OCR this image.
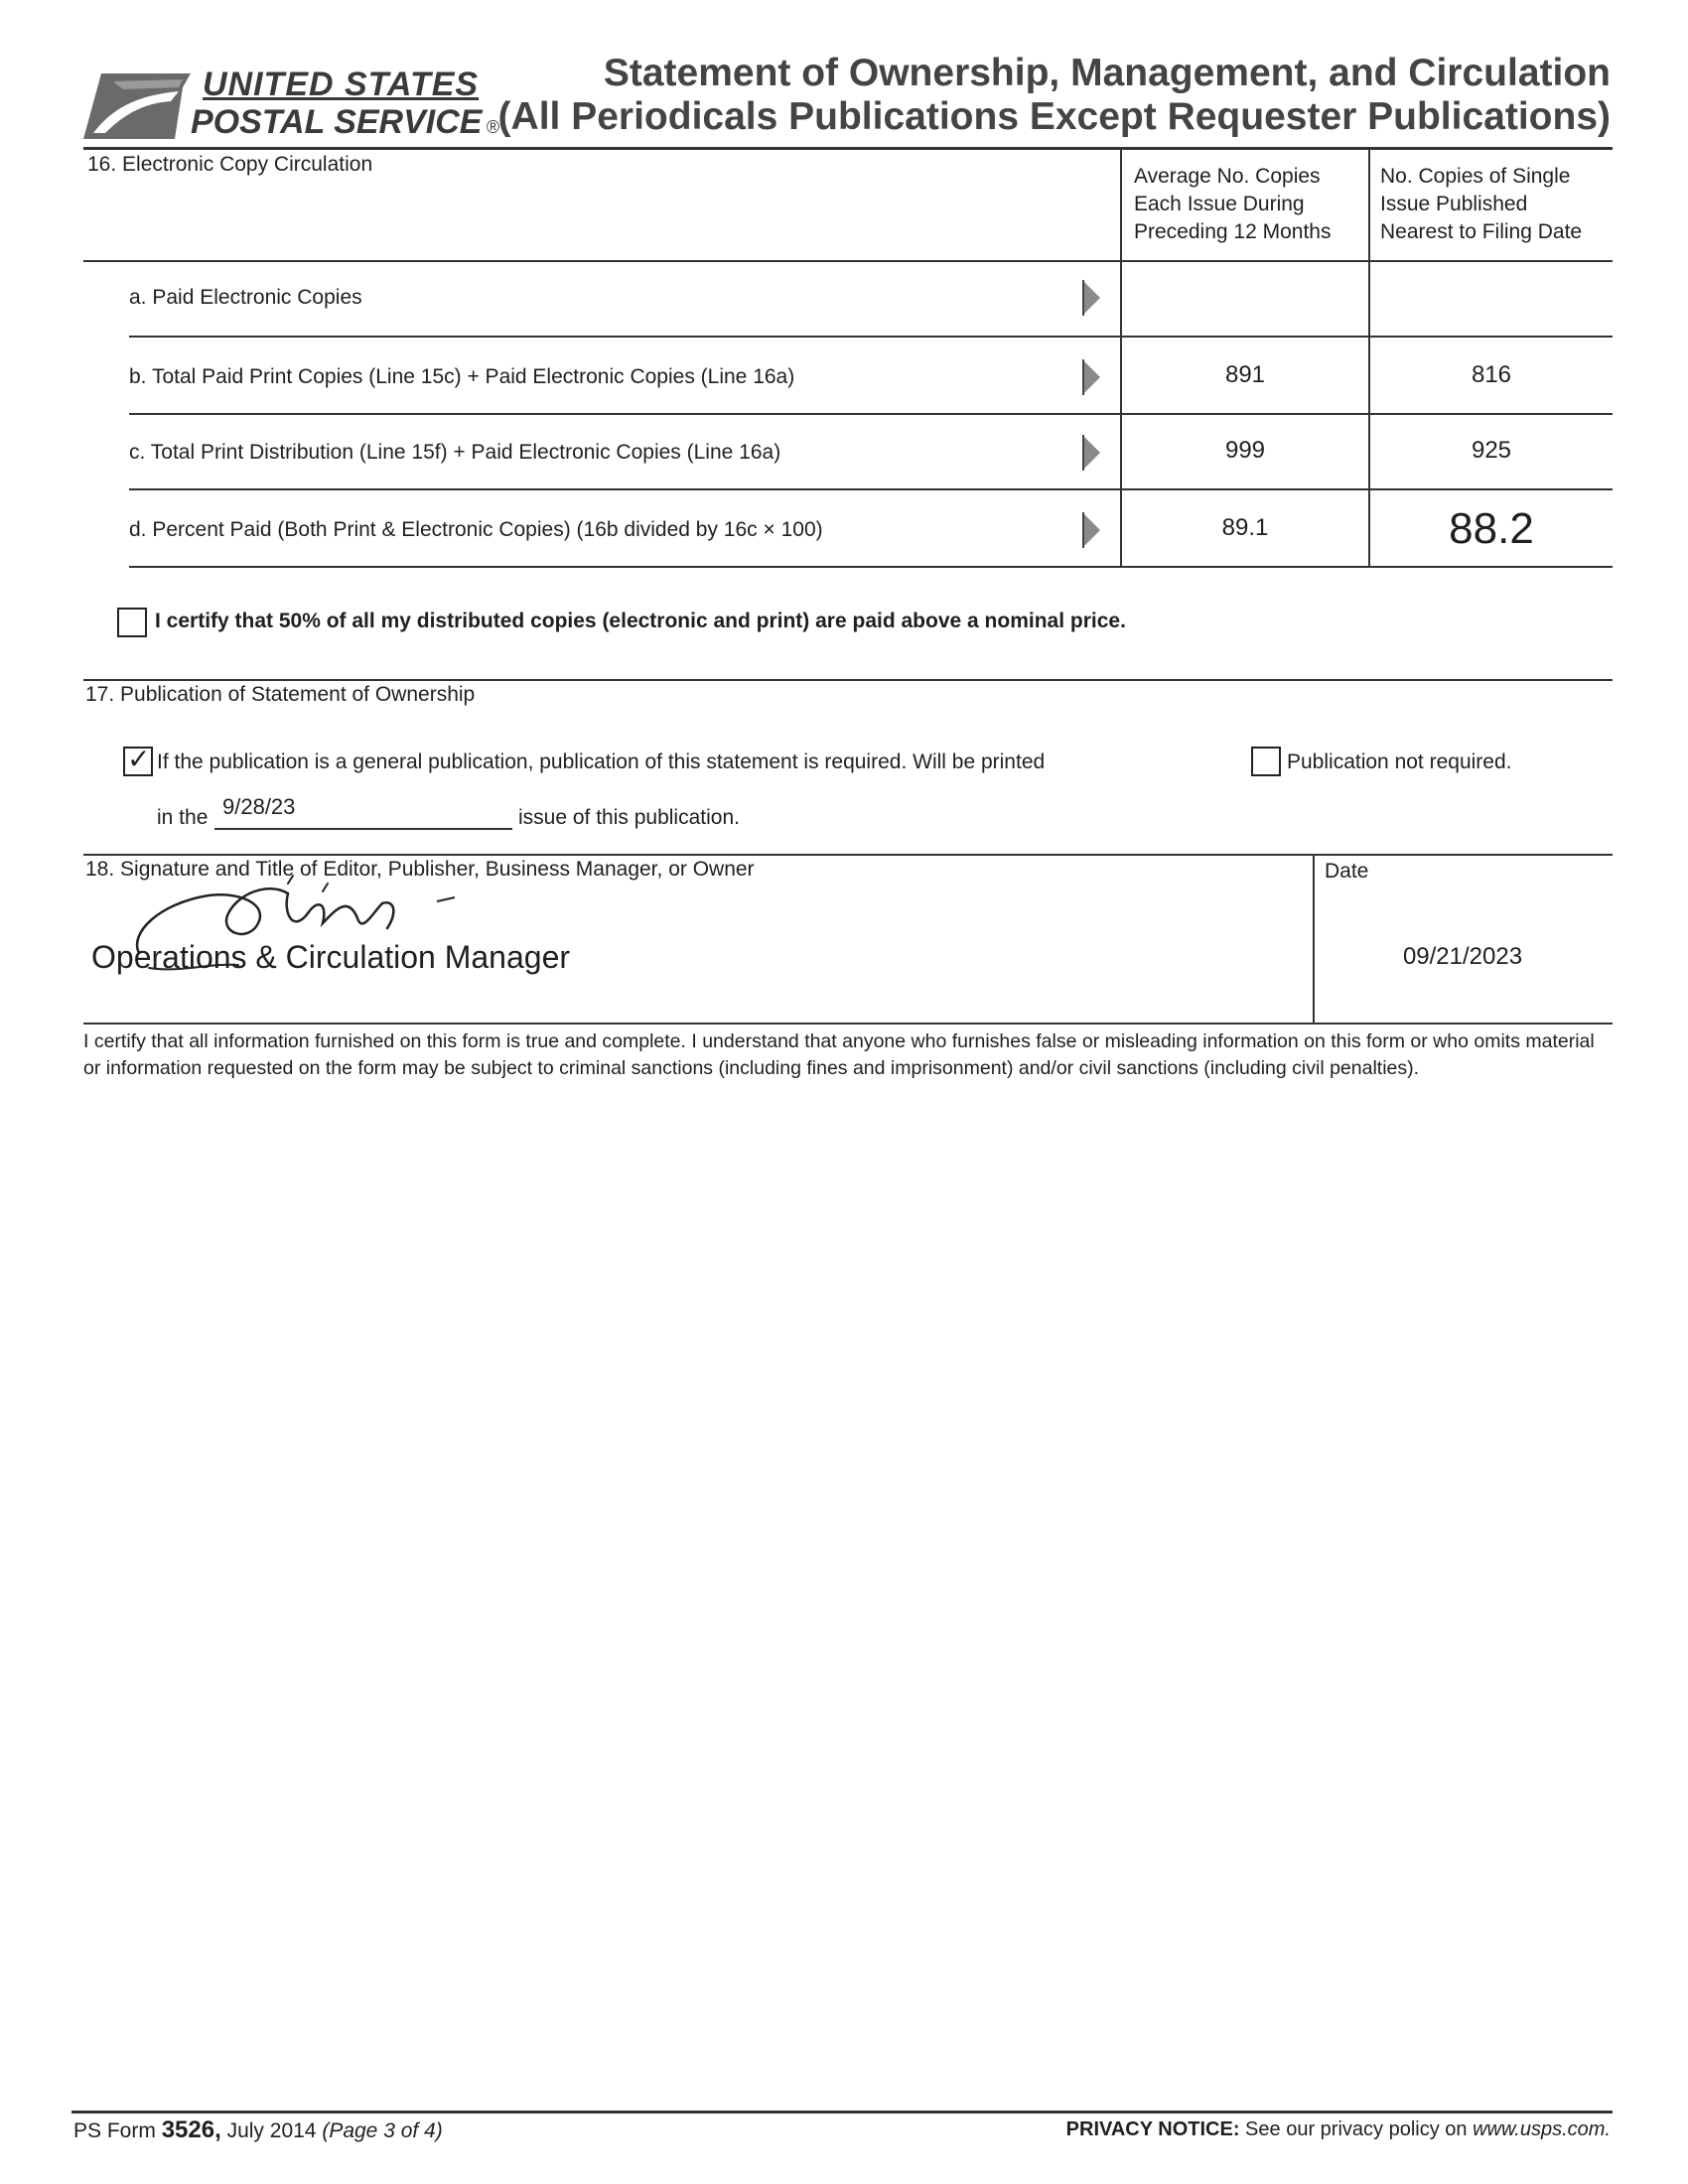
UNITED STATES
POSTAL SERVICE ®
Statement of Ownership, Management, and Circulation
(All Periodicals Publications Except Requester Publications)
16. Electronic Copy Circulation
Average No. Copies
Each Issue During
Preceding 12 Months
No. Copies of Single
Issue Published
Nearest to Filing Date
a. Paid Electronic Copies
b. Total Paid Print Copies (Line 15c) + Paid Electronic Copies (Line 16a)	891	816
c. Total Print Distribution (Line 15f) + Paid Electronic Copies (Line 16a)	999	925
d. Percent Paid (Both Print & Electronic Copies) (16b divided by 16c × 100)	89.1	88.2
I certify that 50% of all my distributed copies (electronic and print) are paid above a nominal price.
17. Publication of Statement of Ownership
✓ If the publication is a general publication, publication of this statement is required. Will be printed	Publication not required.
in the 9/28/23	issue of this publication.
18. Signature and Title of Editor, Publisher, Business Manager, or Owner	Date
Operations & Circulation Manager	09/21/2023
I certify that all information furnished on this form is true and complete. I understand that anyone who furnishes false or misleading information on this form or who omits material or information requested on the form may be subject to criminal sanctions (including fines and imprisonment) and/or civil sanctions (including civil penalties).
PS Form 3526, July 2014 (Page 3 of 4)	PRIVACY NOTICE: See our privacy policy on www.usps.com.
